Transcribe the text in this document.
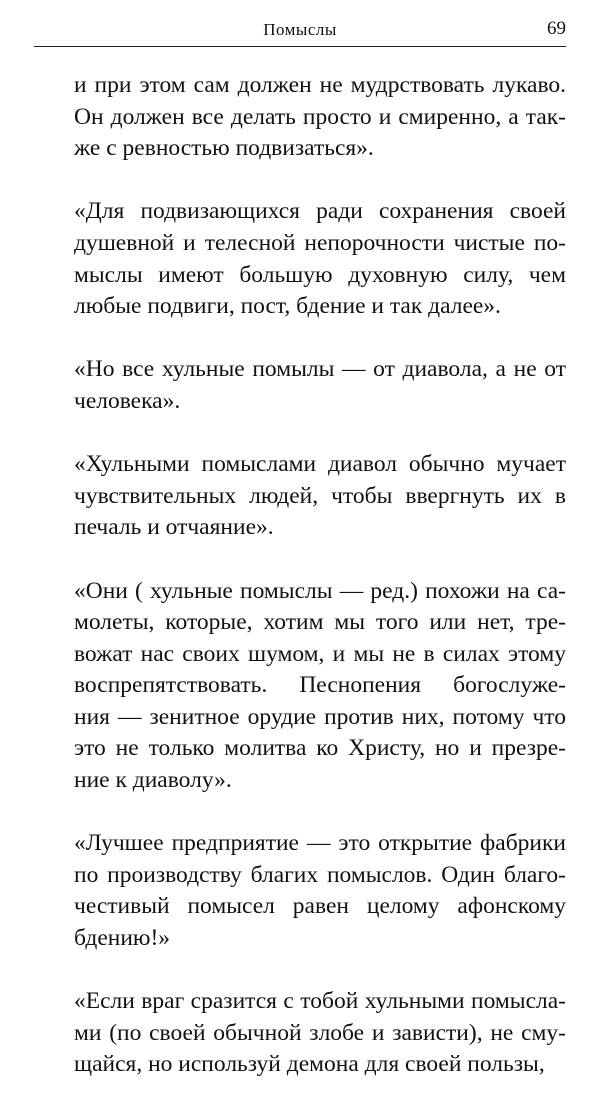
Помыслы	69

и при этом сам должен не мудрствовать лукаво.
Он должен все делать просто и смиренно, а так-
же с ревностью подвизаться».

«Для подвизающихся ради сохранения своей
душевной и телесной непорочности чистые по-
мыслы имеют большую духовную силу, чем
любые подвиги, пост, бдение и так далее».

«Но все хульные помылы — от диавола, а не от
человека».

«Хульными помыслами диавол обычно мучает
чувствительных людей, чтобы ввергнуть их в
печаль и отчаяние».

«Они ( хульные помыслы — ред.) похожи на са-
молеты, которые, хотим мы того или нет, тре-
вожат нас своих шумом, и мы не в силах этому
воспрепятствовать. Песнопения богослуже-
ния — зенитное орудие против них, потому что
это не только молитва ко Христу, но и презре-
ние к диаволу».

«Лучшее предприятие — это открытие фабрики
по производству благих помыслов. Один благо-
честивый помысел равен целому афонскому
бдению!»

«Если враг сразится с тобой хульными помысла-
ми (по своей обычной злобе и зависти), не сму-
щайся, но используй демона для своей пользы,
